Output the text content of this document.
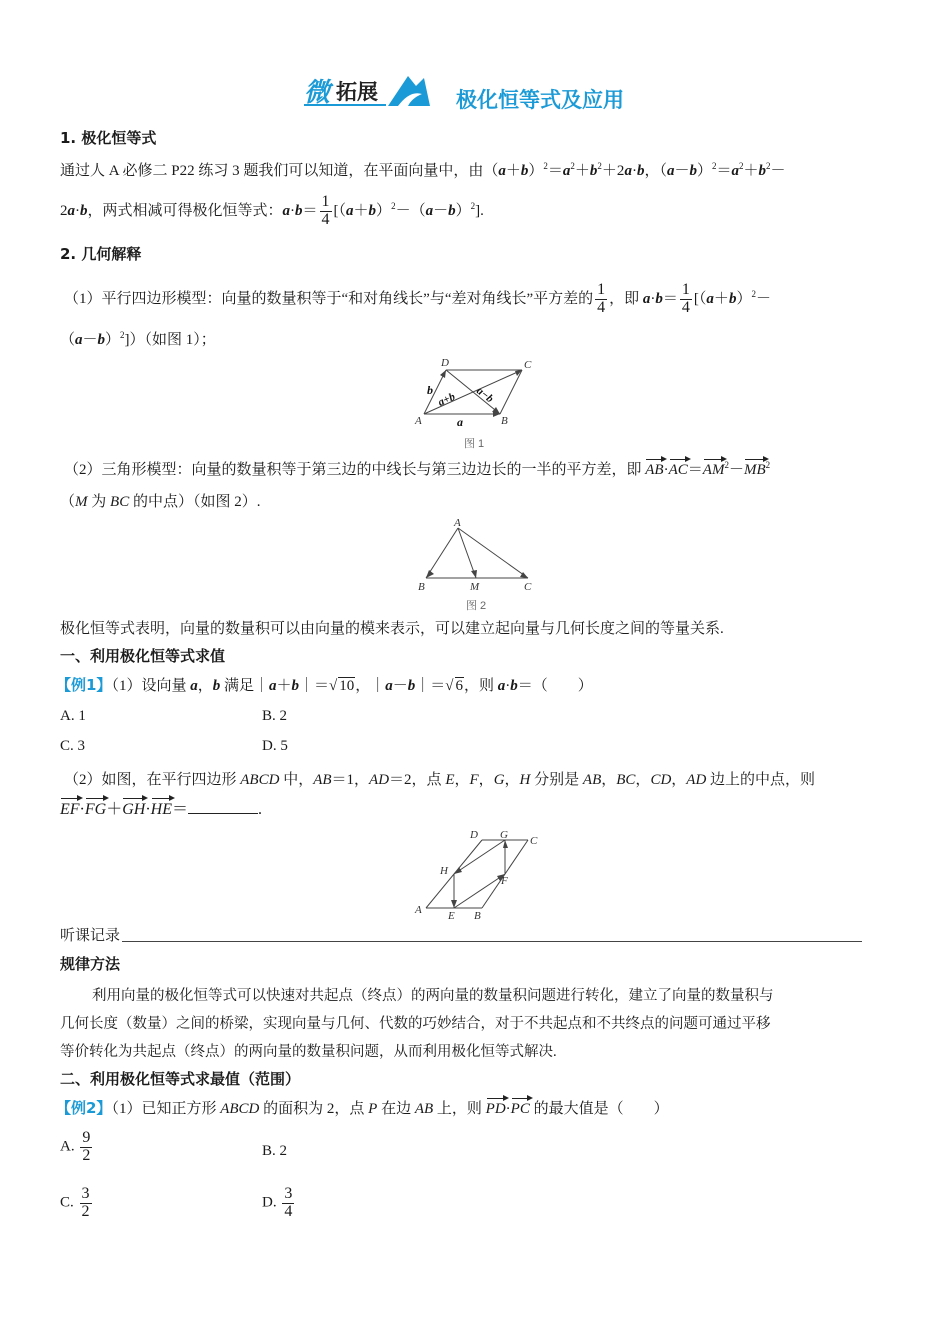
微 拓展	极化恒等式及应用
1. 极化恒等式
通过人 A 必修二 P22 练习 3 题我们可以知道，在平面向量中，由$(a+b)^2=a^2+b^2+2a\cdot b$，$(a-b)^2=a^2+b^2-$
2a·b，两式相减可得极化恒等式：$a\cdot b= \frac{1}{4} [(a+b)^2-(a-b)^2]$.
2. 几何解释
（1）平行四边形模型：向量的数量积等于“和对角线长”与“差对角线长”平方差的 $\frac{1}{4}$ ，即 $a\cdot b= \frac{1}{4} [(a+b)^2-$
$(a-b)^2$]）（如图 1）；
D	C
A	B
b
a
a+b a−b
图 1
（2）三角形模型：向量的数量积等于第三边的中线长与第三边边长的一半的平方差，即 $AB\cdot AC=AM^2-MB^2$
（M 为 BC 的中点）（如图 2）.
A
B	M	C
图 2
极化恒等式表明，向量的数量积可以由向量的模来表示，可以建立起向量与几何长度之间的等量关系.
一、利用极化恒等式求值
【例1】（1）设向量 a，b 满足｜a＋b｜＝√ 10，｜a－b｜＝√ 6，则 a·b＝（　　）
A. 1	B. 2
C. 3	D. 5
（2）如图，在平行四边形 ABCD 中，AB＝1，AD＝2，点 E，F，G，H 分别是 AB，BC，CD，AD 边上的中点，则
EF·FG＋GH·HE＝	.
D G C
H
F
A E B
听课记录
规律方法
利用向量的极化恒等式可以快速对共起点（终点）的两向量的数量积问题进行转化，建立了向量的数量积与
几何长度（数量）之间的桥梁，实现向量与几何、代数的巧妙结合，对于不共起点和不共终点的问题可通过平移
等价转化为共起点（终点）的两向量的数量积问题，从而利用极化恒等式解决.
二、利用极化恒等式求最值（范围）
【例2】（1）已知正方形 ABCD 的面积为 2，点 P 在边 AB 上，则 PD·PC 的最大值是（　　）
A. $\frac{9}{2}$	B. 2
C. $\frac{3}{2}$	D. $\frac{3}{4}$
